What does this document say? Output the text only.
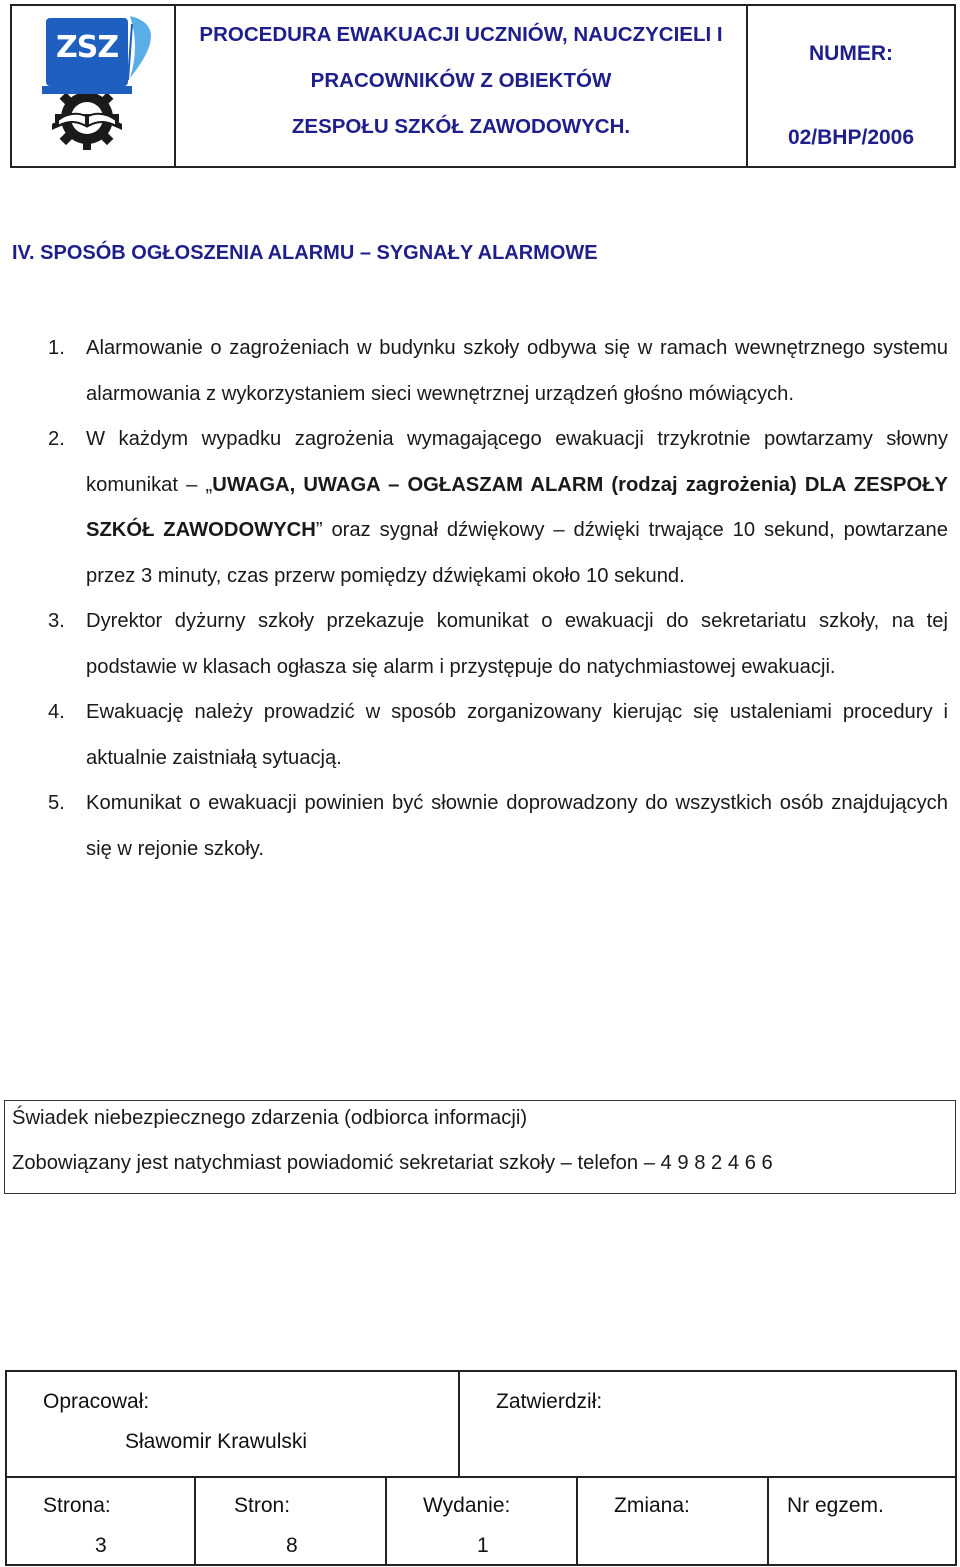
ZSZ	PROCEDURA EWAKUACJI UCZNIÓW, NAUCZYCIELI I
PRACOWNIKÓW Z OBIEKTÓW
ZESPOŁU SZKÓŁ ZAWODOWYCH.
NUMER:
02/BHP/2006
IV. SPOSÓB OGŁOSZENIA ALARMU – SYGNAŁY ALARMOWE
1. Alarmowanie o zagrożeniach w budynku szkoły odbywa się w ramach wewnętrznego systemu alarmowania z wykorzystaniem sieci wewnętrznej urządzeń głośno mówiących.
2. W każdym wypadku zagrożenia wymagającego ewakuacji trzykrotnie powtarzamy słowny komunikat – „UWAGA, UWAGA – OGŁASZAM ALARM (rodzaj zagrożenia) DLA ZESPOŁY SZKÓŁ ZAWODOWYCH” oraz sygnał dźwiękowy – dźwięki trwające 10 sekund, powtarzane przez 3 minuty, czas przerw pomiędzy dźwiękami około 10 sekund.
3. Dyrektor dyżurny szkoły przekazuje komunikat o ewakuacji do sekretariatu szkoły, na tej podstawie w klasach ogłasza się alarm i przystępuje do natychmiastowej ewakuacji.
4. Ewakuację należy prowadzić w sposób zorganizowany kierując się ustaleniami procedury i aktualnie zaistniałą sytuacją.
5. Komunikat o ewakuacji powinien być słownie doprowadzony do wszystkich osób znajdujących się w rejonie szkoły.
Świadek niebezpiecznego zdarzenia (odbiorca informacji)
Zobowiązany jest natychmiast powiadomić sekretariat szkoły – telefon – 4 9 8 2 4 6 6
Opracował:
Sławomir Krawulski
Zatwierdził:
Strona:
3
Stron:
8
Wydanie:
1
Zmiana:	Nr egzem.
